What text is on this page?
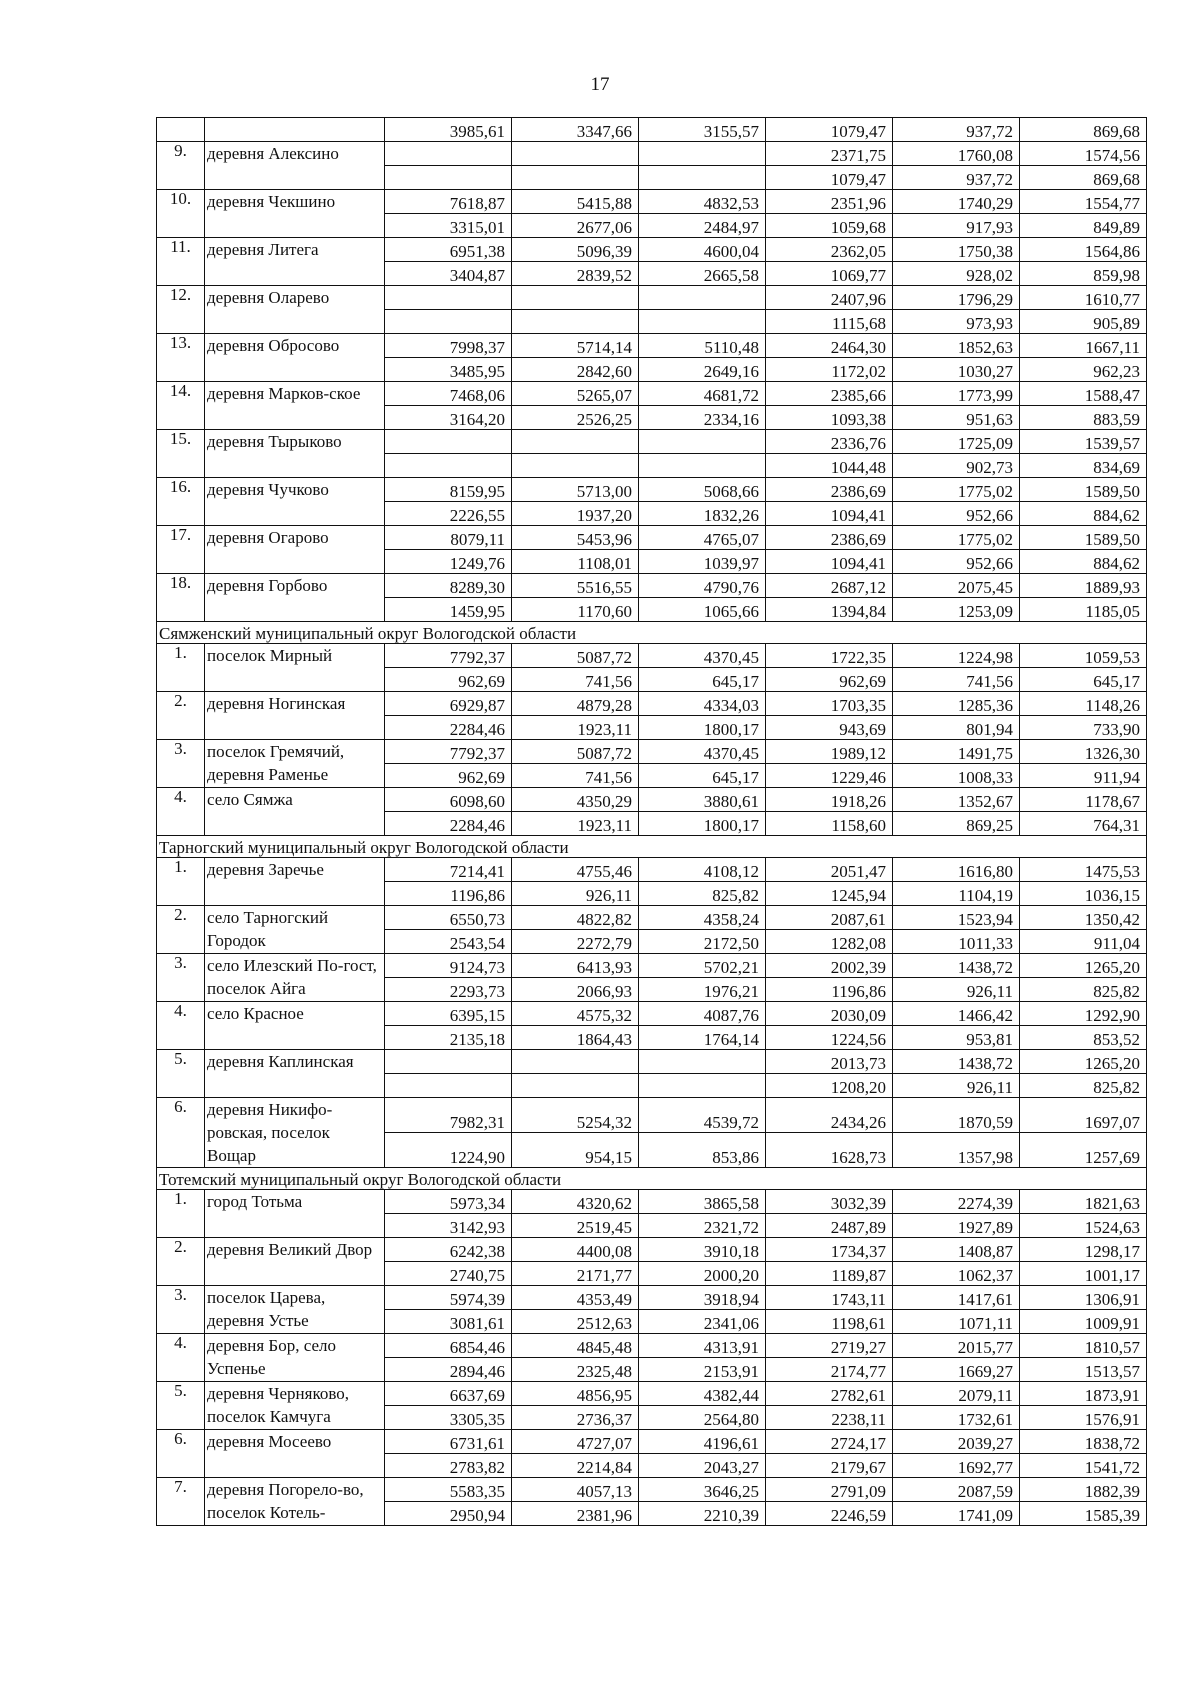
17
		3985,61	3347,66	3155,57	1079,47	937,72	869,68
9.	деревня Алексино				2371,75	1760,08	1574,56
					1079,47	937,72	869,68
10.	деревня Чекшино	7618,87	5415,88	4832,53	2351,96	1740,29	1554,77
		3315,01	2677,06	2484,97	1059,68	917,93	849,89
11.	деревня Литега	6951,38	5096,39	4600,04	2362,05	1750,38	1564,86
		3404,87	2839,52	2665,58	1069,77	928,02	859,98
12.	деревня Оларево				2407,96	1796,29	1610,77
					1115,68	973,93	905,89
13.	деревня Обросово	7998,37	5714,14	5110,48	2464,30	1852,63	1667,11
		3485,95	2842,60	2649,16	1172,02	1030,27	962,23
14.	деревня Марков-ское	7468,06	5265,07	4681,72	2385,66	1773,99	1588,47
		3164,20	2526,25	2334,16	1093,38	951,63	883,59
15.	деревня Тырыково				2336,76	1725,09	1539,57
					1044,48	902,73	834,69
16.	деревня Чучково	8159,95	5713,00	5068,66	2386,69	1775,02	1589,50
		2226,55	1937,20	1832,26	1094,41	952,66	884,62
17.	деревня Огарово	8079,11	5453,96	4765,07	2386,69	1775,02	1589,50
		1249,76	1108,01	1039,97	1094,41	952,66	884,62
18.	деревня Горбово	8289,30	5516,55	4790,76	2687,12	2075,45	1889,93
		1459,95	1170,60	1065,66	1394,84	1253,09	1185,05
Сямженский муниципальный округ Вологодской области							
1.	поселок Мирный	7792,37	5087,72	4370,45	1722,35	1224,98	1059,53
		962,69	741,56	645,17	962,69	741,56	645,17
2.	деревня Ногинская	6929,87	4879,28	4334,03	1703,35	1285,36	1148,26
		2284,46	1923,11	1800,17	943,69	801,94	733,90
3.	поселок Гремячий, деревня Раменье	7792,37	5087,72	4370,45	1989,12	1491,75	1326,30
		962,69	741,56	645,17	1229,46	1008,33	911,94
4.	село Сямжа	6098,60	4350,29	3880,61	1918,26	1352,67	1178,67
		2284,46	1923,11	1800,17	1158,60	869,25	764,31
Тарногский муниципальный округ Вологодской области							
1.	деревня Заречье	7214,41	4755,46	4108,12	2051,47	1616,80	1475,53
		1196,86	926,11	825,82	1245,94	1104,19	1036,15
2.	село Тарногский Городок	6550,73	4822,82	4358,24	2087,61	1523,94	1350,42
		2543,54	2272,79	2172,50	1282,08	1011,33	911,04
3.	село Илезский По-гост, поселок Айга	9124,73	6413,93	5702,21	2002,39	1438,72	1265,20
		2293,73	2066,93	1976,21	1196,86	926,11	825,82
4.	село Красное	6395,15	4575,32	4087,76	2030,09	1466,42	1292,90
		2135,18	1864,43	1764,14	1224,56	953,81	853,52
5.	деревня Каплинская				2013,73	1438,72	1265,20
					1208,20	926,11	825,82
6.	деревня Никифо-ровская, поселок Вощар	7982,31	5254,32	4539,72	2434,26	1870,59	1697,07
		1224,90	954,15	853,86	1628,73	1357,98	1257,69
Тотемский муниципальный округ Вологодской области							
1.	город Тотьма	5973,34	4320,62	3865,58	3032,39	2274,39	1821,63
		3142,93	2519,45	2321,72	2487,89	1927,89	1524,63
2.	деревня Великий Двор	6242,38	4400,08	3910,18	1734,37	1408,87	1298,17
		2740,75	2171,77	2000,20	1189,87	1062,37	1001,17
3.	поселок Царева, деревня Устье	5974,39	4353,49	3918,94	1743,11	1417,61	1306,91
		3081,61	2512,63	2341,06	1198,61	1071,11	1009,91
4.	деревня Бор, село Успенье	6854,46	4845,48	4313,91	2719,27	2015,77	1810,57
		2894,46	2325,48	2153,91	2174,77	1669,27	1513,57
5.	деревня Черняково, поселок Камчуга	6637,69	4856,95	4382,44	2782,61	2079,11	1873,91
		3305,35	2736,37	2564,80	2238,11	1732,61	1576,91
6.	деревня Мосеево	6731,61	4727,07	4196,61	2724,17	2039,27	1838,72
		2783,82	2214,84	2043,27	2179,67	1692,77	1541,72
7.	деревня Погорело-во, поселок Котель-	5583,35	4057,13	3646,25	2791,09	2087,59	1882,39
		2950,94	2381,96	2210,39	2246,59	1741,09	1585,39
